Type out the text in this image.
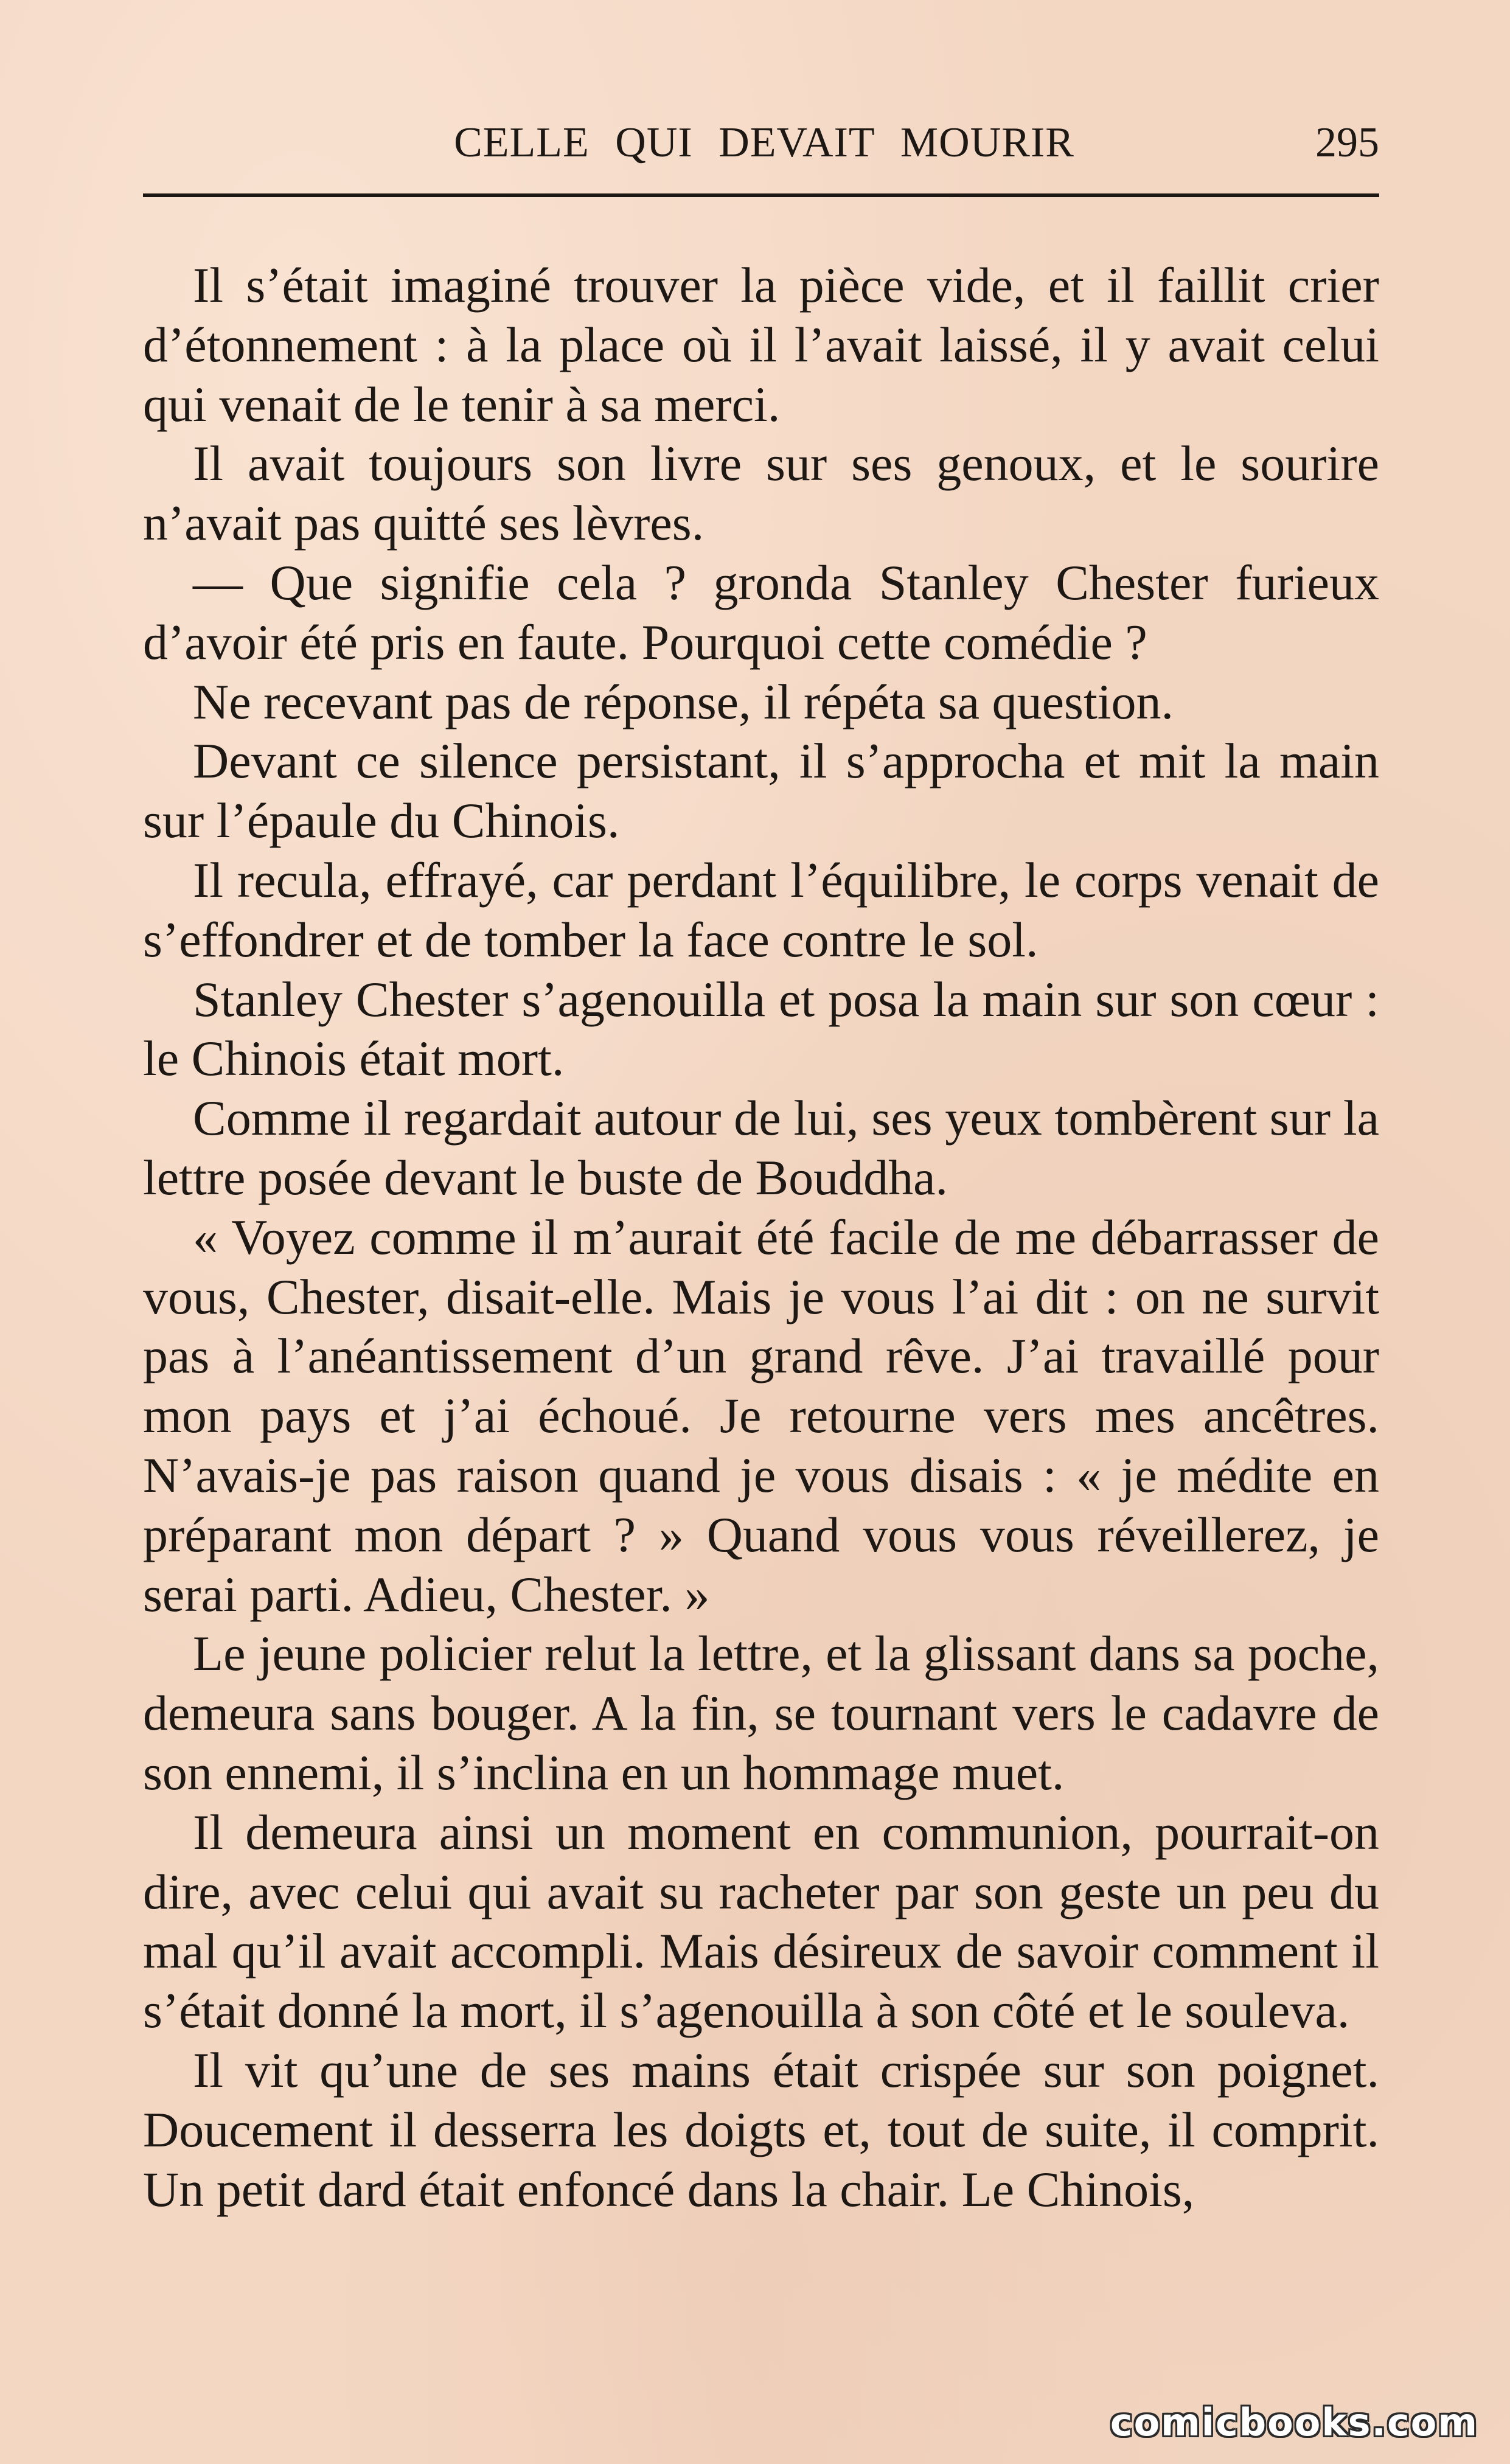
CELLE QUI DEVAIT MOURIR	295

Il s’était imaginé trouver la pièce vide, et il faillit crier d’étonnement : à la place où il l’avait laissé, il y avait celui qui venait de le tenir à sa merci.

Il avait toujours son livre sur ses genoux, et le sourire n’avait pas quitté ses lèvres.

— Que signifie cela ? gronda Stanley Chester furieux d’avoir été pris en faute. Pourquoi cette comédie ?

Ne recevant pas de réponse, il répéta sa question.

Devant ce silence persistant, il s’approcha et mit la main sur l’épaule du Chinois.

Il recula, effrayé, car perdant l’équilibre, le corps venait de s’effondrer et de tomber la face contre le sol.

Stanley Chester s’agenouilla et posa la main sur son cœur : le Chinois était mort.

Comme il regardait autour de lui, ses yeux tombèrent sur la lettre posée devant le buste de Bouddha.

« Voyez comme il m’aurait été facile de me débarrasser de vous, Chester, disait-elle. Mais je vous l’ai dit : on ne survit pas à l’anéantissement d’un grand rêve. J’ai travaillé pour mon pays et j’ai échoué. Je retourne vers mes ancêtres. N’avais-je pas raison quand je vous disais : « je médite en préparant mon départ ? » Quand vous vous réveillerez, je serai parti. Adieu, Chester. »

Le jeune policier relut la lettre, et la glissant dans sa poche, demeura sans bouger. A la fin, se tournant vers le cadavre de son ennemi, il s’inclina en un hommage muet.

Il demeura ainsi un moment en communion, pourrait-on dire, avec celui qui avait su racheter par son geste un peu du mal qu’il avait accompli. Mais désireux de savoir comment il s’était donné la mort, il s’agenouilla à son côté et le souleva.

Il vit qu’une de ses mains était crispée sur son poignet. Doucement il desserra les doigts et, tout de suite, il comprit. Un petit dard était enfoncé dans la chair. Le Chinois,

comicbooks.com
